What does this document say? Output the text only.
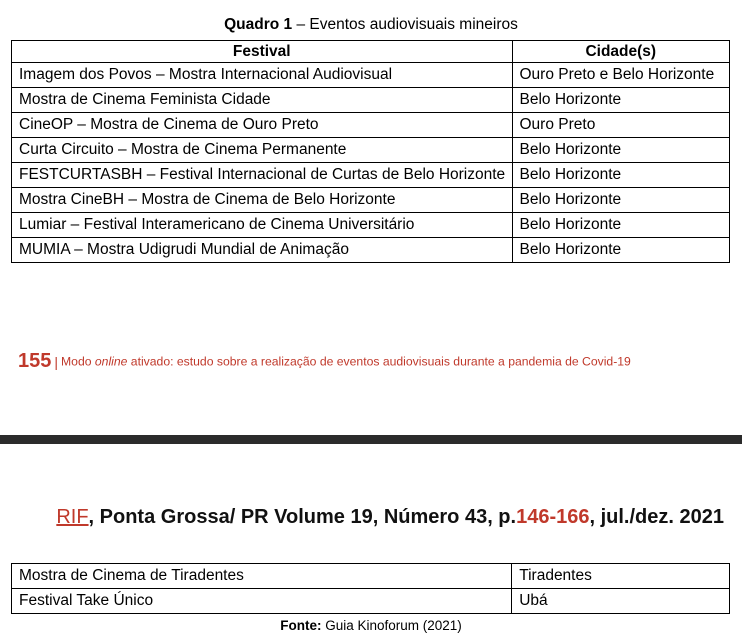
Quadro 1 – Eventos audiovisuais mineiros
Festival	Cidade(s)
Imagem dos Povos – Mostra Internacional Audiovisual	Ouro Preto e Belo Horizonte
Mostra de Cinema Feminista Cidade	Belo Horizonte
CineOP – Mostra de Cinema de Ouro Preto	Ouro Preto
Curta Circuito – Mostra de Cinema Permanente	Belo Horizonte
FESTCURTASBH – Festival Internacional de Curtas de Belo Horizonte	Belo Horizonte
Mostra CineBH – Mostra de Cinema de Belo Horizonte	Belo Horizonte
Lumiar – Festival Interamericano de Cinema Universitário	Belo Horizonte
MUMIA – Mostra Udigrudi Mundial de Animação	Belo Horizonte
155 | Modo online ativado: estudo sobre a realização de eventos audiovisuais durante a pandemia de Covid-19
RIF, Ponta Grossa/ PR Volume 19, Número 43, p.146-166, jul./dez. 2021
Mostra de Cinema de Tiradentes	Tiradentes
Festival Take Único	Ubá
Fonte: Guia Kinoforum (2021)
